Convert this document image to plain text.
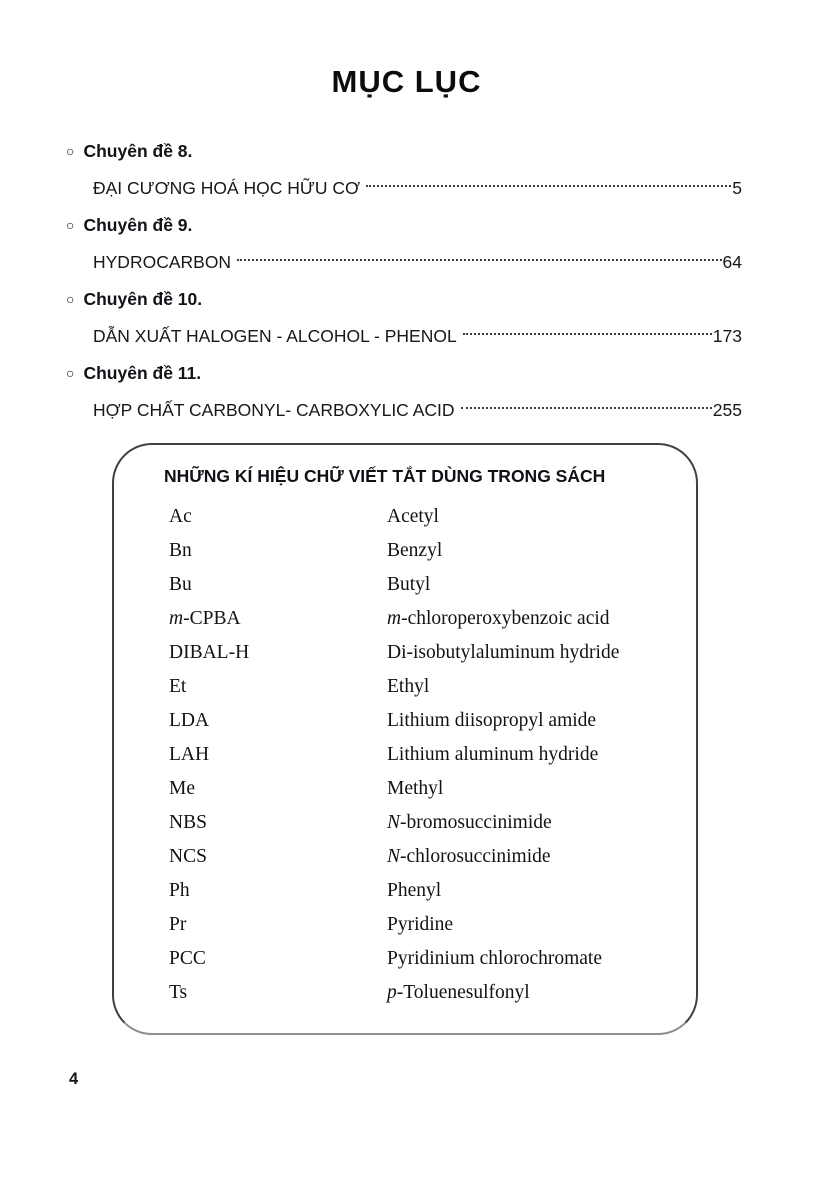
MỤC LỤC
○ Chuyên đề 8.
ĐẠI CƯƠNG HOÁ HỌC HỮU CƠ	5
○ Chuyên đề 9.
HYDROCARBON	64
○ Chuyên đề 10.
DẪN XUẤT HALOGEN - ALCOHOL - PHENOL	173
○ Chuyên đề 11.
HỢP CHẤT CARBONYL- CARBOXYLIC ACID	255
NHỮNG KÍ HIỆU CHỮ VIẾT TẮT DÙNG TRONG SÁCH
Ac	Acetyl
Bn	Benzyl
Bu	Butyl
m-CPBA	m-chloroperoxybenzoic acid
DIBAL-H	Di-isobutylaluminum hydride
Et	Ethyl
LDA	Lithium diisopropyl amide
LAH	Lithium aluminum hydride
Me	Methyl
NBS	N-bromosuccinimide
NCS	N-chlorosuccinimide
Ph	Phenyl
Pr	Pyridine
PCC	Pyridinium chlorochromate
Ts	p-Toluenesulfonyl
4
